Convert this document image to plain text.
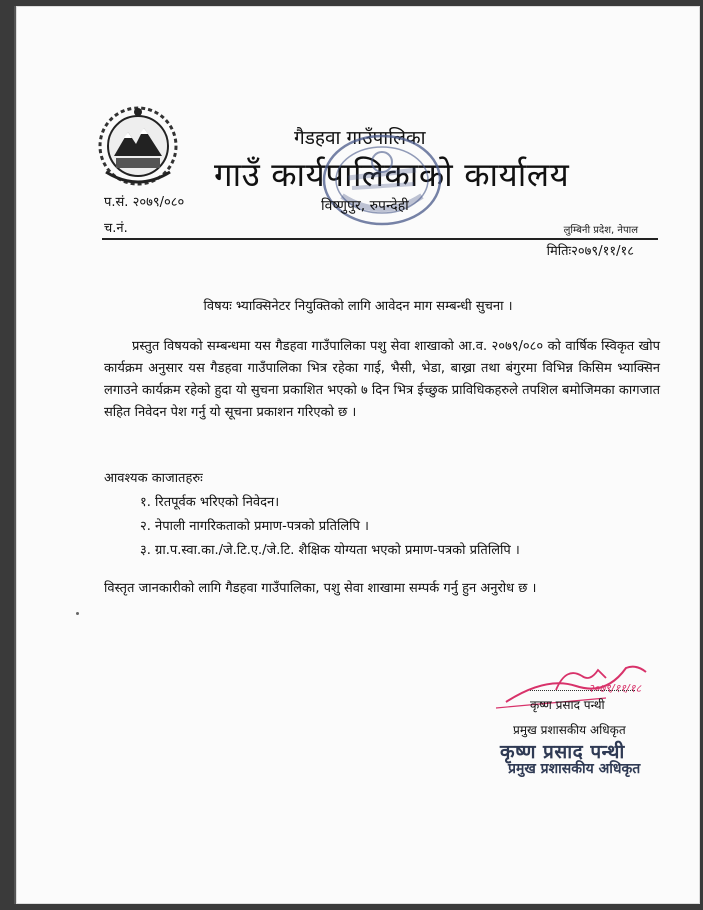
गैडहवा गाउँपालिका
गाउँ कार्यपालिकाको कार्यालय
प.सं. २०७९/०८०
च.नं.
विष्णुपुर, रुपन्देही
लुम्बिनी प्रदेश, नेपाल
मितिः२०७९/११/१८
विषयः भ्याक्सिनेटर नियुक्तिको लागि आवेदन माग सम्बन्धी सुचना ।

प्रस्तुत विषयको सम्बन्धमा यस गैडहवा गाउँपालिका पशु सेवा शाखाको आ.व. २०७९/०८० को वार्षिक स्विकृत खोप कार्यक्रम अनुसार यस गैडहवा गाउँपालिका भित्र रहेका गाई, भैसी, भेडा, बाख्रा तथा बंगुरमा विभिन्न किसिम भ्याक्सिन लगाउने कार्यक्रम रहेको हुदा यो सुचना प्रकाशित भएको ७ दिन भित्र ईच्छुक प्राविधिकहरुले तपशिल बमोजिमका कागजात सहित निवेदन पेश गर्नु यो सूचना प्रकाशन गरिएको छ ।

आवश्यक काजातहरुः
१. रितपूर्वक भरिएको निवेदन।
२. नेपाली नागरिकताको प्रमाण-पत्रको प्रतिलिपि ।
३. ग्रा.प.स्वा.का./जे.टि.ए./जे.टि. शैक्षिक योग्यता भएको प्रमाण-पत्रको प्रतिलिपि ।
विस्तृत जानकारीको लागि गैडहवा गाउँपालिका, पशु सेवा शाखामा सम्पर्क गर्नु हुन अनुरोध छ ।
२०७९/११/१८
कृष्ण प्रसाद पन्थी
प्रमुख प्रशासकीय अधिकृत
कृष्ण प्रसाद पन्थी
प्रमुख प्रशासकीय अधिकृत
